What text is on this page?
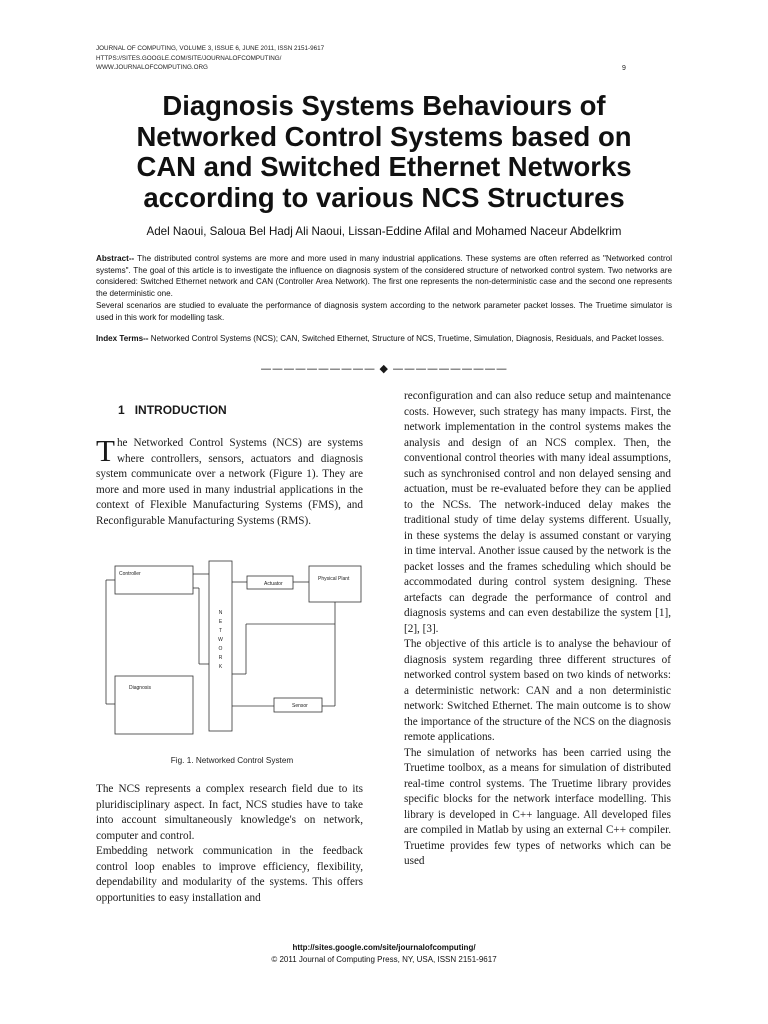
JOURNAL OF COMPUTING, VOLUME 3, ISSUE 6, JUNE 2011, ISSN 2151-9617
HTTPS://SITES.GOOGLE.COM/SITE/JOURNALOFCOMPUTING/
WWW.JOURNALOFCOMPUTING.ORG	9
Diagnosis Systems Behaviours of
Networked Control Systems based on
CAN and Switched Ethernet Networks
according to various NCS Structures
Adel Naoui, Saloua Bel Hadj Ali Naoui, Lissan-Eddine Afilal and Mohamed Naceur Abdelkrim

Abstract-- The distributed control systems are more and more used in many industrial applications. These systems are often referred as "Networked control systems". The goal of this article is to investigate the influence on diagnosis system of the considered structure of networked control system. Two networks are considered: Switched Ethernet network and CAN (Controller Area Network). The first one represents the non-deterministic case and the second one represents the deterministic one.

Several scenarios are studied to evaluate the performance of diagnosis system according to the network parameter packet losses. The Truetime simulator is used in this work for modelling task.

Index Terms-- Networked Control Systems (NCS); CAN, Switched Ethernet, Structure of NCS, Truetime, Simulation, Diagnosis, Residuals, and Packet losses.

—————————— ◆ ——————————
1 INTRODUCTION
The Networked Control Systems (NCS) are systems where controllers, sensors, actuators and diagnosis system communicate over a network (Figure 1). They are more and more used in many industrial applications in the context of Flexible Manufacturing Systems (FMS), and Reconfigurable Manufacturing Systems (RMS).
Controller
N E T W O R K
Actuator
Physical Plant
Diagnosis
Sensor
Fig. 1. Networked Control System

The NCS represents a complex research field due to its pluridisciplinary aspect. In fact, NCS studies have to take into account simultaneously knowledge's on network, computer and control.

Embedding network communication in the feedback control loop enables to improve efficiency, flexibility, dependability and modularity of the systems. This offers opportunities to easy installation and

reconfiguration and can also reduce setup and maintenance costs. However, such strategy has many impacts. First, the network implementation in the control systems makes the analysis and design of an NCS complex. Then, the conventional control theories with many ideal assumptions, such as synchronised control and non delayed sensing and actuation, must be re-evaluated before they can be applied to the NCSs. The network-induced delay makes the traditional study of time delay systems different. Usually, in these systems the delay is assumed constant or varying in time interval. Another issue caused by the network is the packet losses and the frames scheduling which should be accommodated during control system designing. These artefacts can degrade the performance of control and diagnosis systems and can even destabilize the system [1], [2], [3].

The objective of this article is to analyse the behaviour of diagnosis system regarding three different structures of networked control system based on two kinds of networks: a deterministic network: CAN and a non deterministic network: Switched Ethernet. The main outcome is to show the importance of the structure of the NCS on the diagnosis remote applications.

The simulation of networks has been carried using the Truetime toolbox, as a means for simulation of distributed real-time control systems. The Truetime library provides specific blocks for the network interface modelling. This library is developed in C++ language. All developed files are compiled in Matlab by using an external C++ compiler. Truetime provides few types of networks which can be used

http://sites.google.com/site/journalofcomputing/
© 2011 Journal of Computing Press, NY, USA, ISSN 2151-9617
